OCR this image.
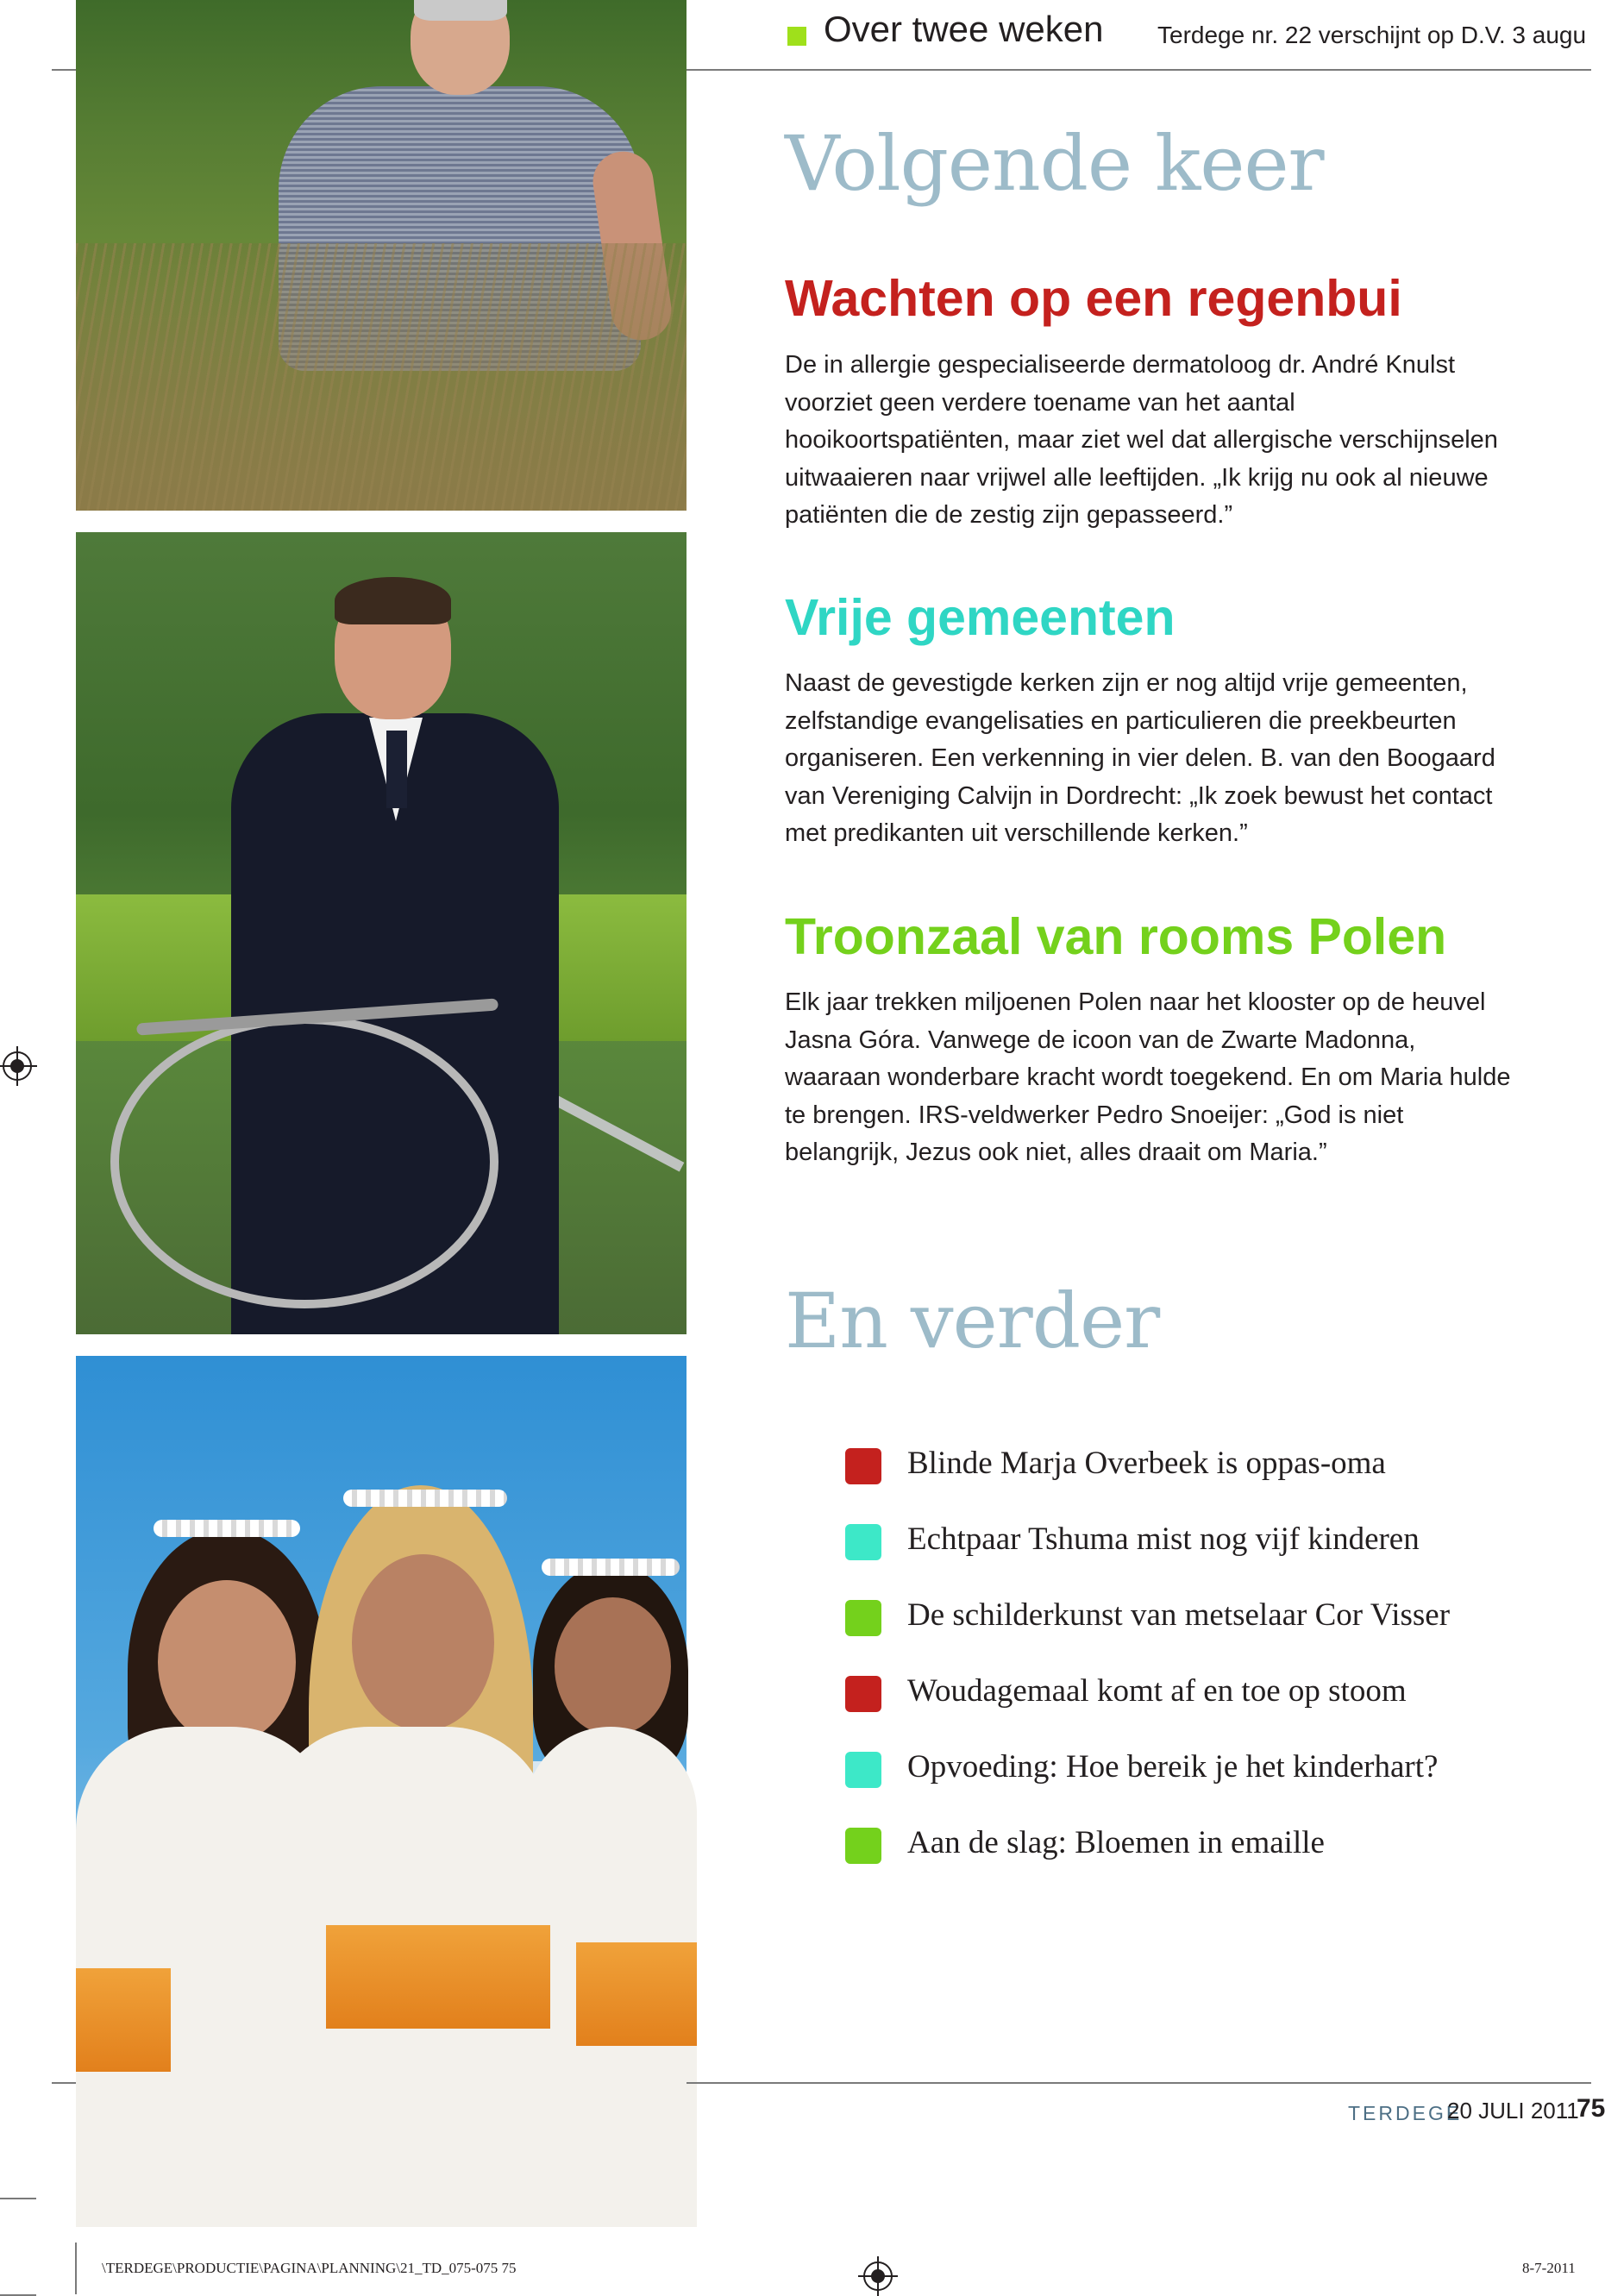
Over twee weken Terdege nr. 22 verschijnt op D.V. 3 augu
Volgende keer
Wachten op een regenbui
De in allergie gespecialiseerde dermatoloog dr. André Knulst voorziet geen verdere toename van het aantal hooikoortspatiënten, maar ziet wel dat allergische verschijnselen uitwaaieren naar vrijwel alle leeftijden. „Ik krijg nu ook al nieuwe patiënten die de zestig zijn gepasseerd.”
Vrije gemeenten
Naast de gevestigde kerken zijn er nog altijd vrije gemeenten, zelfstandige evangelisaties en particulieren die preekbeurten organiseren. Een verkenning in vier delen. B. van den Boogaard van Vereniging Calvijn in Dordrecht: „Ik zoek bewust het contact met predikanten uit verschillende kerken.”
Troonzaal van rooms Polen
Elk jaar trekken miljoenen Polen naar het klooster op de heuvel Jasna Góra. Vanwege de icoon van de Zwarte Madonna, waaraan wonderbare kracht wordt toegekend. En om Maria hulde te brengen. IRS-veldwerker Pedro Snoeijer: „God is niet belangrijk, Jezus ook niet, alles draait om Maria.”
En verder
Blinde Marja Overbeek is oppas-oma
Echtpaar Tshuma mist nog vijf kinderen
De schilderkunst van metselaar Cor Visser
Woudagemaal komt af en toe op stoom
Opvoeding: Hoe bereik je het kinderhart?
Aan de slag: Bloemen in emaille
TERDEGE
20 JULI 2011
75
\TERDEGE\PRODUCTIE\PAGINA\PLANNING\21_TD_075-075 75	8-7-2011
